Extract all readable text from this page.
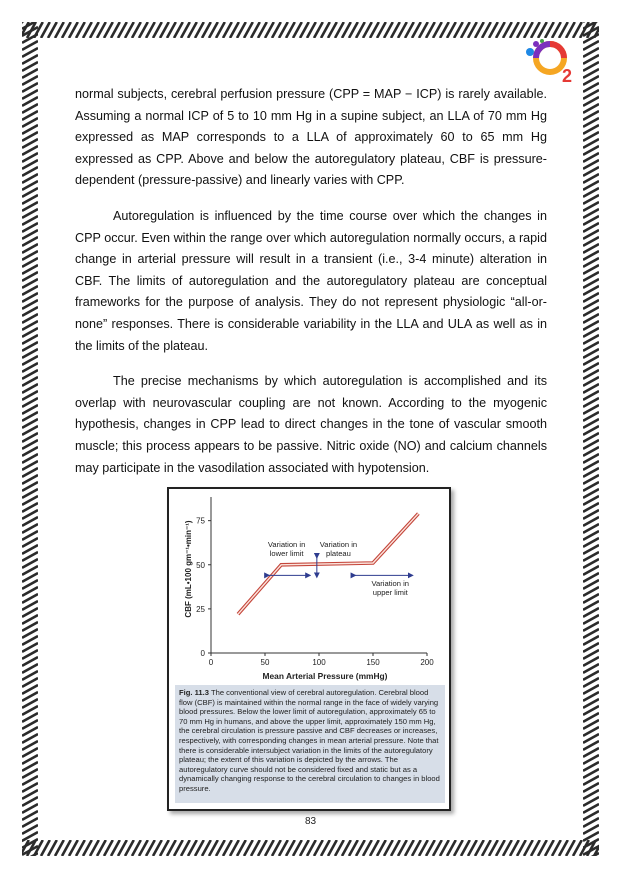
2

normal subjects, cerebral perfusion pressure (CPP = MAP − ICP) is rarely available. Assuming a normal ICP of 5 to 10 mm Hg in a supine subject, an LLA of 70 mm Hg expressed as MAP corresponds to a LLA of approximately 60 to 65 mm Hg expressed as CPP. Above and below the autoregulatory plateau, CBF is pressure-dependent (pressure-passive) and linearly varies with CPP.

Autoregulation is influenced by the time course over which the changes in CPP occur. Even within the range over which autoregulation normally occurs, a rapid change in arterial pressure will result in a transient (i.e., 3-4 minute) alteration in CBF. The limits of autoregulation and the autoregulatory plateau are conceptual frameworks for the purpose of analysis. They do not represent physiologic “all-or-none” responses. There is considerable variability in the LLA and ULA as well as in the limits of the plateau.

The precise mechanisms by which autoregulation is accomplished and its overlap with neurovascular coupling are not known. According to the myogenic hypothesis, changes in CPP lead to direct changes in the tone of vascular smooth muscle; this process appears to be passive. Nitric oxide (NO) and calcium channels may participate in the vasodilation associated with hypotension.

0	50	100	150	200
0
25
50
75
Variation in lower limit
Variation in plateau
Variation in upper limit
Mean Arterial Pressure (mmHg)
CBF (mL•100 gm⁻¹•min⁻¹)
Fig. 11.3 The conventional view of cerebral autoregulation. Cerebral blood flow (CBF) is maintained within the normal range in the face of widely varying blood pressures. Below the lower limit of autoregulation, approximately 65 to 70 mm Hg in humans, and above the upper limit, approximately 150 mm Hg, the cerebral circulation is pressure passive and CBF decreases or increases, respectively, with corresponding changes in mean arterial pressure. Note that there is considerable intersubject variation in the limits of the autoregulatory plateau; the extent of this variation is depicted by the arrows. The autoregulatory curve should not be considered fixed and static but as a dynamically changing response to the cerebral circulation to changes in blood pressure.
83
